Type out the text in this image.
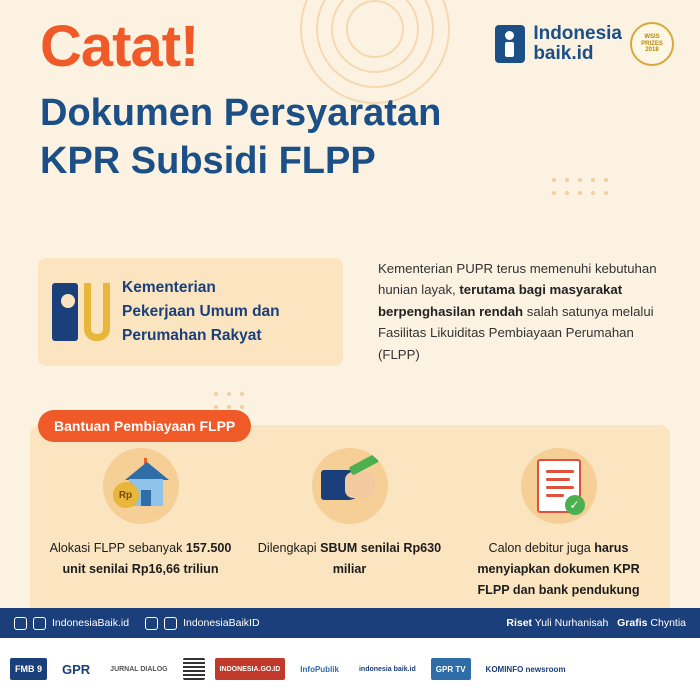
Catat!
Dokumen Persyaratan
KPR Subsidi FLPP
Indonesia
baik.id
WSIS
PRIZES
2018
Kementerian
Pekerjaan Umum dan
Perumahan Rakyat
Kementerian PUPR terus memenuhi kebutuhan hunian layak, terutama bagi masyarakat berpenghasilan rendah salah satunya melalui Fasilitas Likuiditas Pembiayaan Perumahan (FLPP)
Bantuan Pembiayaan FLPP
Rp
Alokasi FLPP sebanyak 157.500 unit senilai Rp16,66 triliun
Dilengkapi SBUM senilai Rp630 miliar
✓
Calon debitur juga harus menyiapkan dokumen KPR FLPP dan bank pendukung
IndonesiaBaik.id	IndonesiaBaikID	Riset Yuli Nurhanisah Grafis Chyntia
FMB 9	GPR	JURNAL DIALOG	INDONESIA.GO.ID	InfoPublik	indonesia baik.id	GPR TV	KOMINFO newsroom
